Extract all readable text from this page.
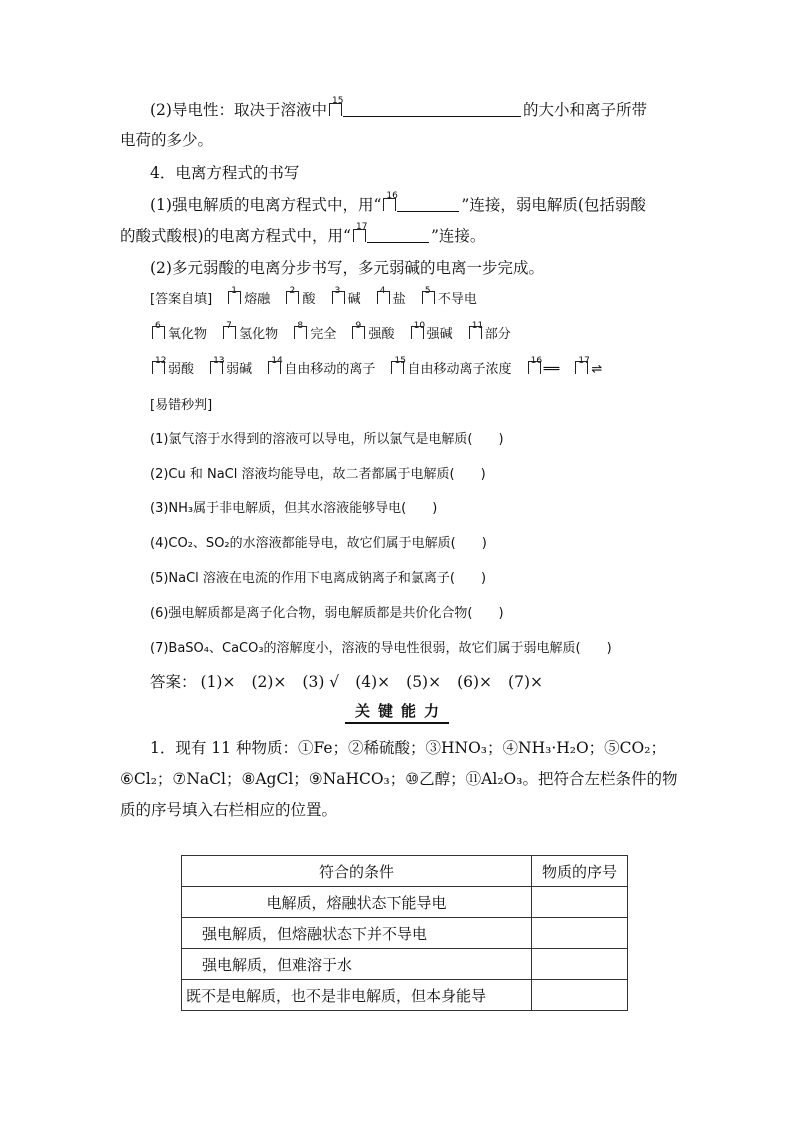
(2)导电性：取决于溶液中 15	的大小和离子所带
电荷的多少。
4．电离方程式的书写
(1)强电解质的电离方程式中，用“ 16	”连接，弱电解质(包括弱酸
的酸式酸根)的电离方程式中，用“ 17	”连接。
(2)多元弱酸的电离分步书写，多元弱碱的电离一步完成。
[答案自填]
1
熔融
2
酸
3
碱
4
盐
5
不导电
6
氧化物
7
氢化物
8
完全
9
强酸
10
强碱
11
部分
12
弱酸
13
弱碱
14
自由移动的离子
15
自由移动离子浓度
16
══
17
⇌
[易错秒判]
(1)氯气溶于水得到的溶液可以导电，所以氯气是电解质(　　)
(2)Cu 和 NaCl 溶液均能导电，故二者都属于电解质(　　)
(3)NH₃属于非电解质，但其水溶液能够导电(　　)
(4)CO₂、SO₂的水溶液都能导电，故它们属于电解质(　　)
(5)NaCl 溶液在电流的作用下电离成钠离子和氯离子(　　)
(6)强电解质都是离子化合物，弱电解质都是共价化合物(　　)
(7)BaSO₄、CaCO₃的溶解度小，溶液的导电性很弱，故它们属于弱电解质(　　)
答案： (1)× (2)× (3) √ (4)× (5)× (6)× (7)×
关键能力
1．现有 11 种物质：①Fe；②稀硫酸；③HNO₃；④NH₃·H₂O；⑤CO₂；
⑥Cl₂；⑦NaCl；⑧AgCl；⑨NaHCO₃；⑩乙醇；⑪Al₂O₃。把符合左栏条件的物
质的序号填入右栏相应的位置。
符合的条件	物质的序号
电解质，熔融状态下能导电	
强电解质，但熔融状态下并不导电	
强电解质，但难溶于水	
既不是电解质，也不是非电解质，但本身能导	
